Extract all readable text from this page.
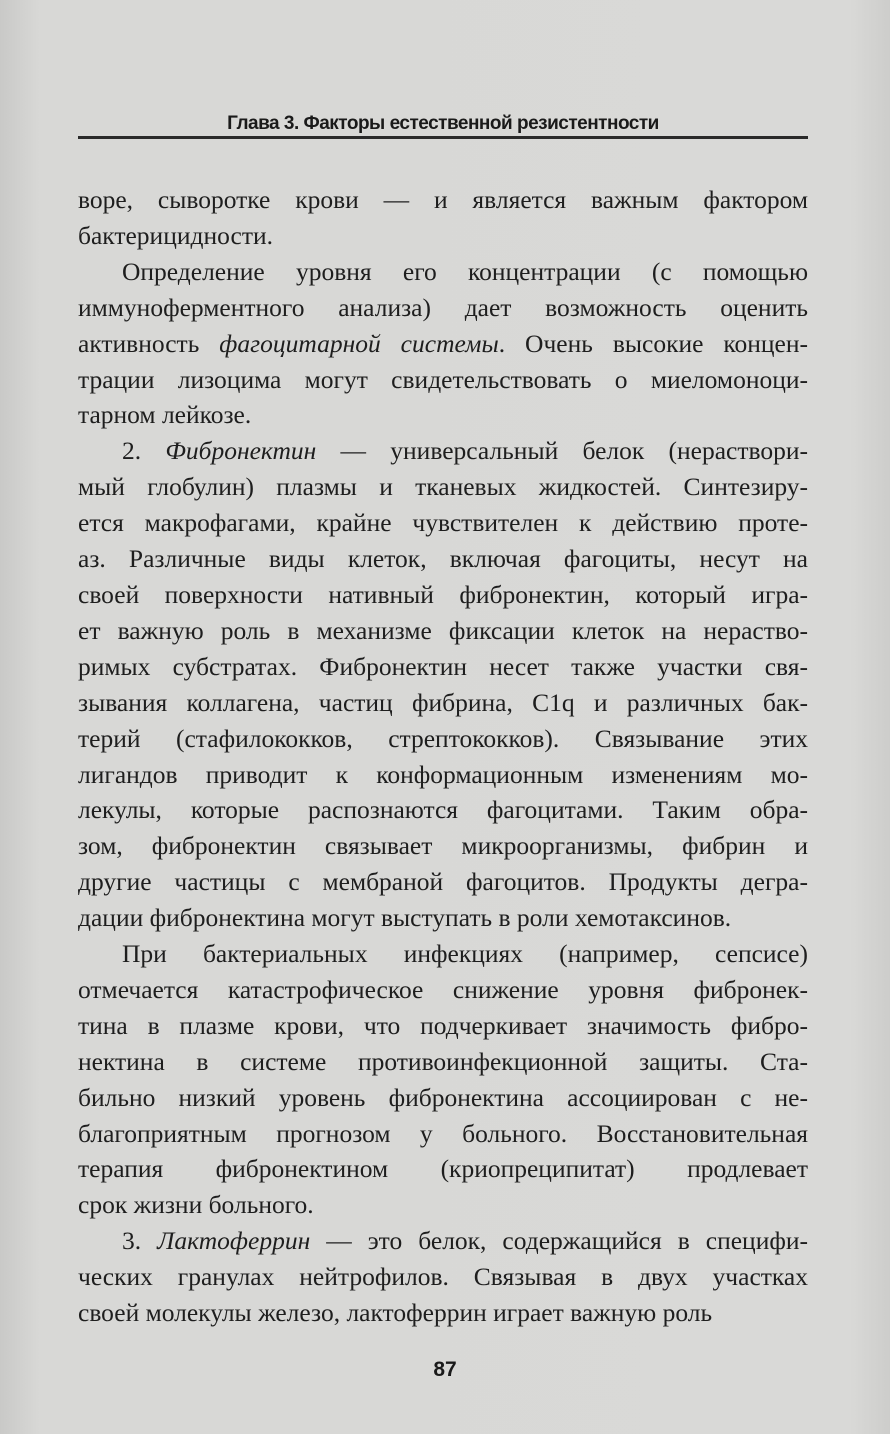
Глава 3. Факторы естественной резистентности

воре, сыворотке крови — и является важным фактором
бактерицидности.

Определение уровня его концентрации (с помощью
иммуноферментного анализа) дает возможность оценить
активность фагоцитарной системы. Очень высокие концен-
трации лизоцима могут свидетельствовать о миеломоноци-
тарном лейкозе.

2. Фибронектин — универсальный белок (нераствори-
мый глобулин) плазмы и тканевых жидкостей. Синтезиру-
ется макрофагами, крайне чувствителен к действию проте-
аз. Различные виды клеток, включая фагоциты, несут на
своей поверхности нативный фибронектин, который игра-
ет важную роль в механизме фиксации клеток на нераство-
римых субстратах. Фибронектин несет также участки свя-
зывания коллагена, частиц фибрина, C1q и различных бак-
терий (стафилококков, стрептококков). Связывание этих
лигандов приводит к конформационным изменениям мо-
лекулы, которые распознаются фагоцитами. Таким обра-
зом, фибронектин связывает микроорганизмы, фибрин и
другие частицы с мембраной фагоцитов. Продукты дегра-
дации фибронектина могут выступать в роли хемотаксинов.

При бактериальных инфекциях (например, сепсисе)
отмечается катастрофическое снижение уровня фибронек-
тина в плазме крови, что подчеркивает значимость фибро-
нектина в системе противоинфекционной защиты. Ста-
бильно низкий уровень фибронектина ассоциирован с не-
благоприятным прогнозом у больного. Восстановительная
терапия фибронектином (криопреципитат) продлевает
срок жизни больного.

3. Лактоферрин — это белок, содержащийся в специфи-
ческих гранулах нейтрофилов. Связывая в двух участках
своей молекулы железо, лактоферрин играет важную роль

87
